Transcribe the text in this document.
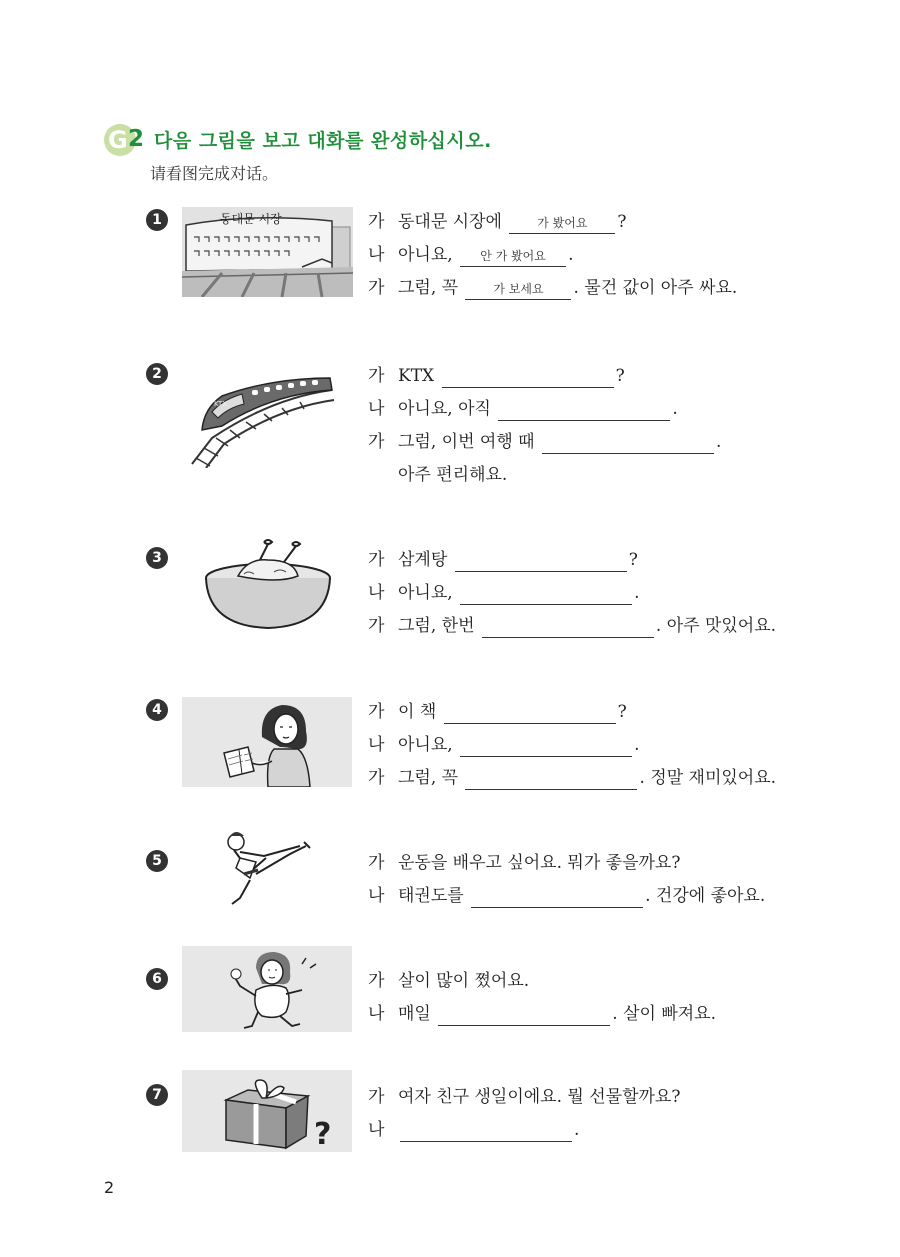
G 2 다음 그림을 보고 대화를 완성하십시오.
请看图完成对话。
1
2
3
4
5
6
7
동대문 시장
KTX
?
가 동대문 시장에	가 봤어요 ?
나 아니요, 안 가 봤어요 .
가 그럼, 꼭	가 보세요 . 물건 값이 아주 싸요.
가 KTX	?
나 아니요, 아직	.
가 그럼, 이번 여행 때	.
아주 편리해요.
가 삼계탕	?
나 아니요,	.
가 그럼, 한번	. 아주 맛있어요.
가 이 책	?
나 아니요,	.
가 그럼, 꼭	. 정말 재미있어요.
가 운동을 배우고 싶어요. 뭐가 좋을까요?
나 태권도를	. 건강에 좋아요.
가 살이 많이 쪘어요.
나 매일	. 살이 빠져요.
가 여자 친구 생일이에요. 뭘 선물할까요?
나	.
2
